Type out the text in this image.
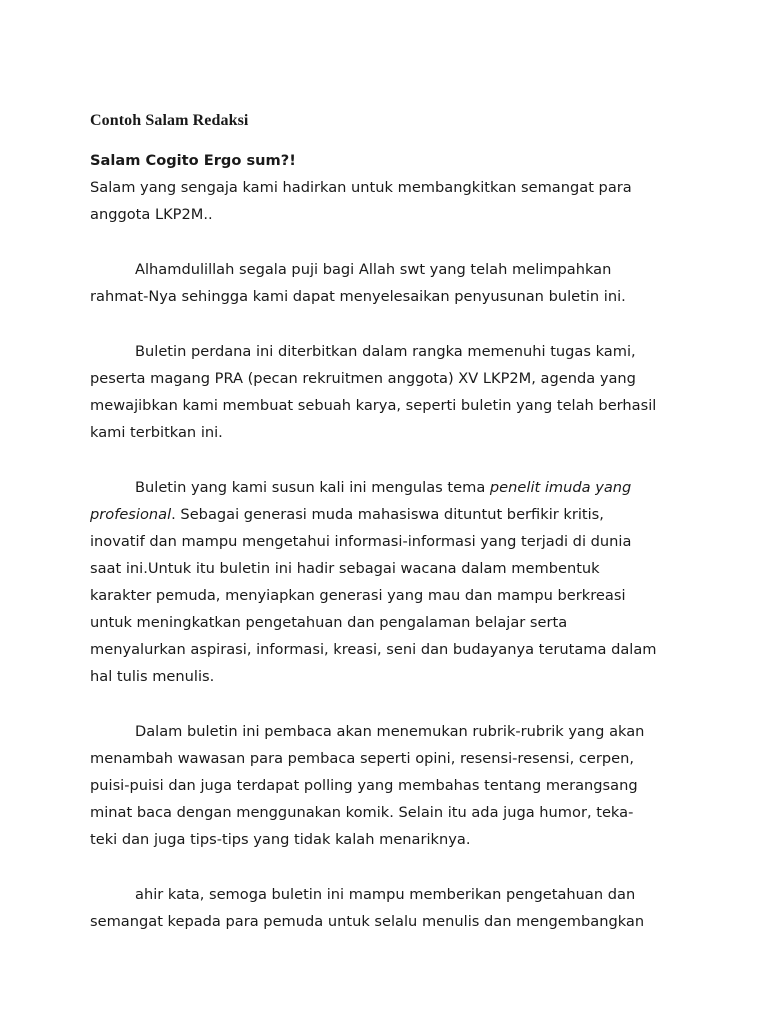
Contoh Salam Redaksi
Salam Cogito Ergo sum?!
Salam yang sengaja kami hadirkan untuk membangkitkan semangat para
anggota LKP2M..
Alhamdulillah segala puji bagi Allah swt yang telah melimpahkan
rahmat-Nya sehingga kami dapat menyelesaikan penyusunan buletin ini.
Buletin perdana ini diterbitkan dalam rangka memenuhi tugas kami,
peserta magang PRA (pecan rekruitmen anggota) XV LKP2M, agenda yang
mewajibkan kami membuat sebuah karya, seperti buletin yang telah berhasil
kami terbitkan ini.
Buletin yang kami susun kali ini mengulas tema penelit imuda yang
profesional. Sebagai generasi muda mahasiswa dituntut berfikir kritis,
inovatif dan mampu mengetahui informasi-informasi yang terjadi di dunia
saat ini.Untuk itu buletin ini hadir sebagai wacana dalam membentuk
karakter pemuda, menyiapkan generasi yang mau dan mampu berkreasi
untuk meningkatkan pengetahuan dan pengalaman belajar serta
menyalurkan aspirasi, informasi, kreasi, seni dan budayanya terutama dalam
hal tulis menulis.
Dalam buletin ini pembaca akan menemukan rubrik-rubrik yang akan
menambah wawasan para pembaca seperti opini, resensi-resensi, cerpen,
puisi-puisi dan juga terdapat polling yang membahas tentang merangsang
minat baca dengan menggunakan komik. Selain itu ada juga humor, teka-
teki dan juga tips-tips yang tidak kalah menariknya.
ahir kata, semoga buletin ini mampu memberikan pengetahuan dan
semangat kepada para pemuda untuk selalu menulis dan mengembangkan
